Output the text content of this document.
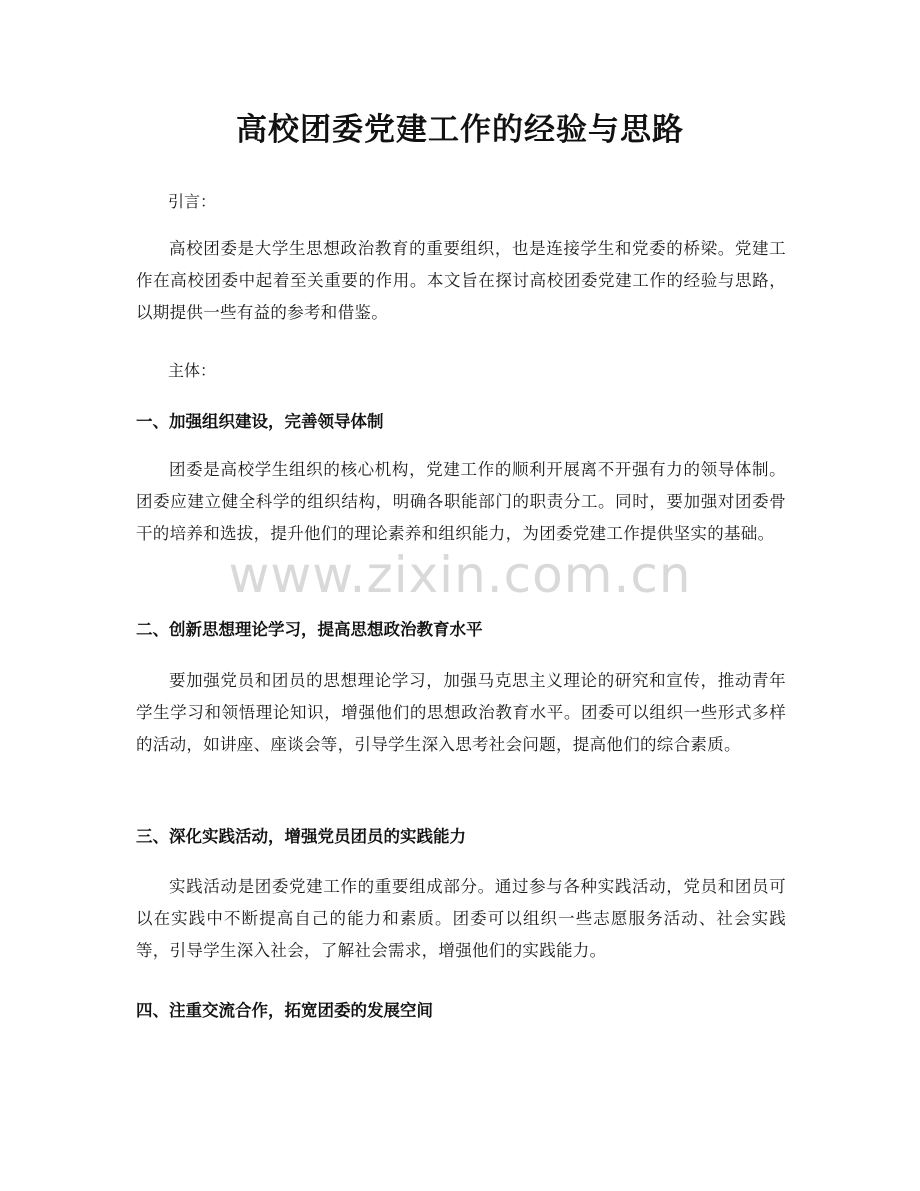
高校团委党建工作的经验与思路

引言：

高校团委是大学生思想政治教育的重要组织，也是连接学生和党委的桥梁。党建工作在高校团委中起着至关重要的作用。本文旨在探讨高校团委党建工作的经验与思路，以期提供一些有益的参考和借鉴。

主体：

一、加强组织建设，完善领导体制

团委是高校学生组织的核心机构，党建工作的顺利开展离不开强有力的领导体制。团委应建立健全科学的组织结构，明确各职能部门的职责分工。同时，要加强对团委骨干的培养和选拔，提升他们的理论素养和组织能力，为团委党建工作提供坚实的基础。

二、创新思想理论学习，提高思想政治教育水平

要加强党员和团员的思想理论学习，加强马克思主义理论的研究和宣传，推动青年学生学习和领悟理论知识，增强他们的思想政治教育水平。团委可以组织一些形式多样的活动，如讲座、座谈会等，引导学生深入思考社会问题，提高他们的综合素质。

三、深化实践活动，增强党员团员的实践能力

实践活动是团委党建工作的重要组成部分。通过参与各种实践活动，党员和团员可以在实践中不断提高自己的能力和素质。团委可以组织一些志愿服务活动、社会实践等，引导学生深入社会，了解社会需求，增强他们的实践能力。

四、注重交流合作，拓宽团委的发展空间
www.zixin.com.cn
